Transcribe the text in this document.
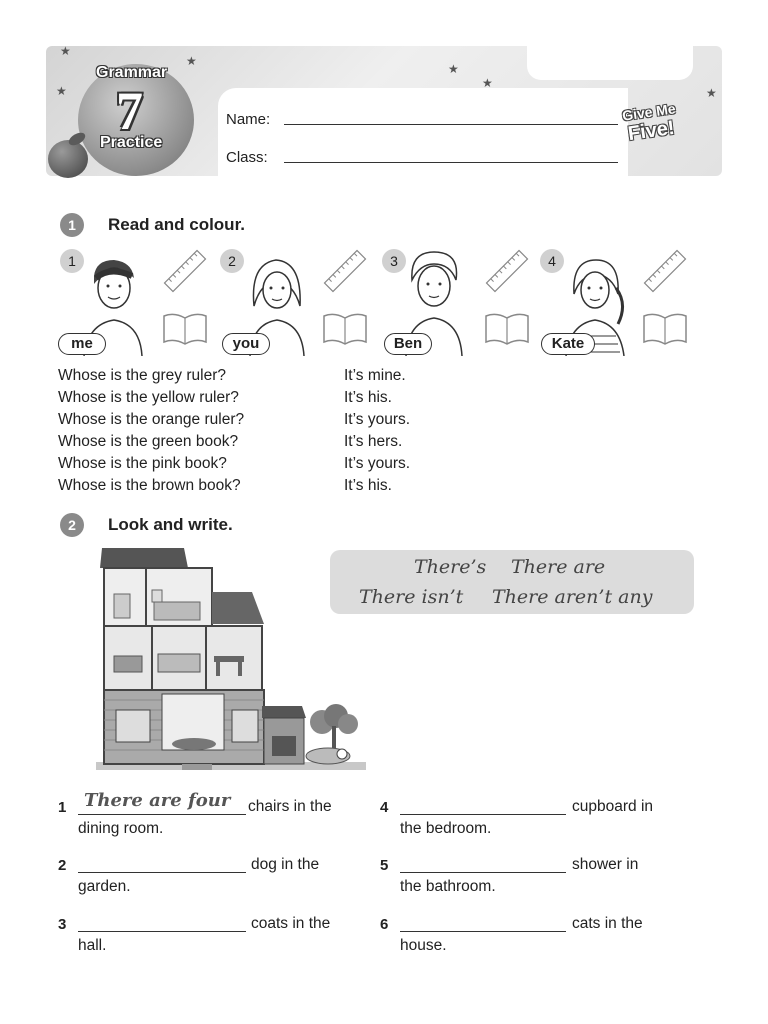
★
★
★
★
★
★
Grammar
7
Practice
Name:
Class:
Give Me
Five!
1	Read and colour.
1
me
2
you
3
Ben
4
Kate
Whose is the grey ruler?	It’s mine.
Whose is the yellow ruler?	It’s his.
Whose is the orange ruler?	It’s yours.
Whose is the green book?	It’s hers.
Whose is the pink book?	It’s yours.
Whose is the brown book?	It’s his.
2	Look and write.
There’s There are
There isn’t There aren’t any
1 There are four chairs in the
dining room.
2	dog in the
garden.
3	coats in the
hall.
4	cupboard in
the bedroom.
5	shower in
the bathroom.
6	cats in the
house.
